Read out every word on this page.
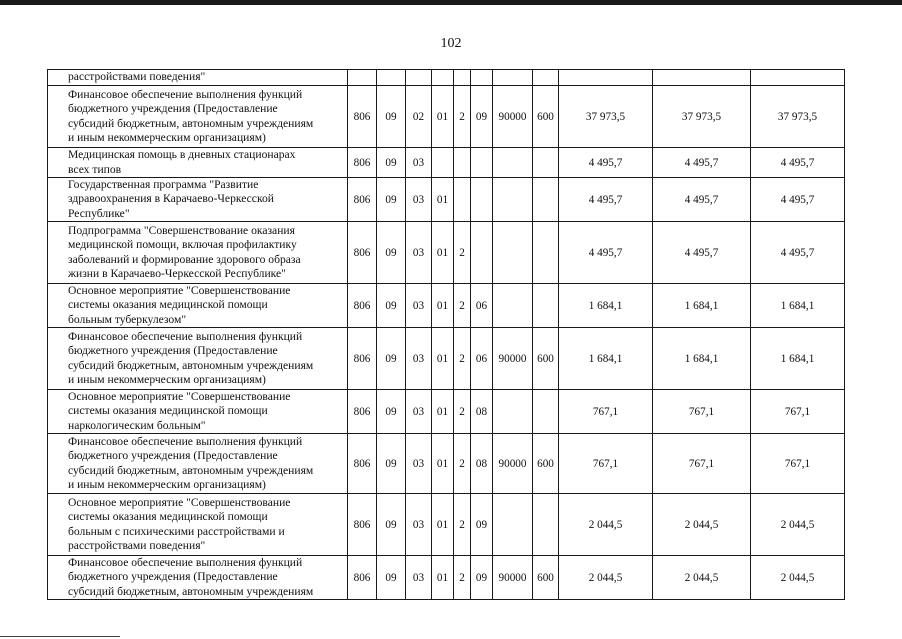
102
расстройствами поведения"											

Финансовое обеспечение выполнения функций
бюджетного учреждения (Предоставление
субсидий бюджетным, автономным учреждениям
и иным некоммерческим организациям)	806	09	02	01	2	09	90000	600	37 973,5	37 973,5	37 973,5

Медицинская помощь в дневных стационарах
всех типов	806	09	03						4 495,7	4 495,7	4 495,7

Государственная программа "Развитие
здравоохранения в Карачаево-Черкесской
Республике"	806	09	03	01					4 495,7	4 495,7	4 495,7

Подпрограмма "Совершенствование оказания
медицинской помощи, включая профилактику
заболеваний и формирование здорового образа
жизни в Карачаево-Черкесской Республике"	806	09	03	01	2				4 495,7	4 495,7	4 495,7

Основное мероприятие "Совершенствование
системы оказания медицинской помощи
больным туберкулезом"	806	09	03	01	2	06			1 684,1	1 684,1	1 684,1

Финансовое обеспечение выполнения функций
бюджетного учреждения (Предоставление
субсидий бюджетным, автономным учреждениям
и иным некоммерческим организациям)	806	09	03	01	2	06	90000	600	1 684,1	1 684,1	1 684,1

Основное мероприятие "Совершенствование
системы оказания медицинской помощи
наркологическим больным"	806	09	03	01	2	08			767,1	767,1	767,1

Финансовое обеспечение выполнения функций
бюджетного учреждения (Предоставление
субсидий бюджетным, автономным учреждениям
и иным некоммерческим организациям)	806	09	03	01	2	08	90000	600	767,1	767,1	767,1

Основное мероприятие "Совершенствование
системы оказания медицинской помощи
больным с психическими расстройствами и
расстройствами поведения"	806	09	03	01	2	09			2 044,5	2 044,5	2 044,5

Финансовое обеспечение выполнения функций
бюджетного учреждения (Предоставление
субсидий бюджетным, автономным учреждениям	806	09	03	01	2	09	90000	600	2 044,5	2 044,5	2 044,5
